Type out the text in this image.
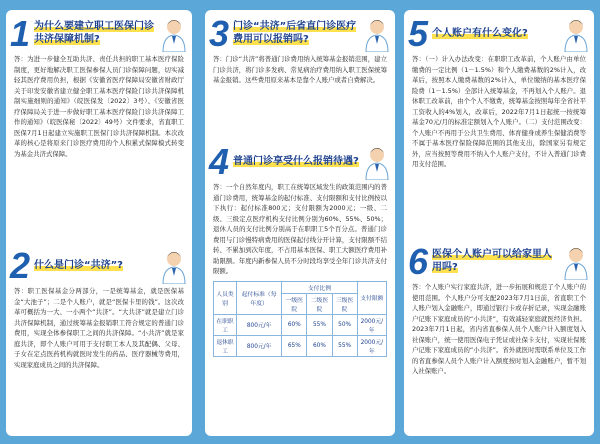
1 为什么要建立职工医保门诊共济保障机制?
答：为进一步健全互助共济、责任共担的职工基本医疗保险制度，更好地解决职工医保参保人员门诊保障问题，切实减轻其医疗费用负担，根据《安徽省医疗保障局安徽省财政厅关于印发安徽省建立健全职工基本医疗保险门诊共济保障机制实施细则的通知》（皖医保发〔2022〕3号）、《安徽省医疗保障局关于进一步做好职工基本医疗保险门诊共济保障工作的通知》（皖医保秘〔2022〕49号）文件要求，省直职工医保7月1日起建立实施职工医保门诊共济保障机制。本次改革的核心是将原来门诊医疗费用的个人积累式保障模式转变为基金共济式保障。
2 什么是门诊“共济”?
答：职工医保基金分两部分，一是统筹基金，就是医保基金“大池子”；二是个人账户，就是“医保卡里的钱”。这次改革可概括为一大、一小两个“共济”。“大共济”就是建立门诊共济保障机制，通过统筹基金报销职工符合规定的普通门诊费用，实现全体参保职工之间的共济保障。“小共济”就是家庭共济，即个人账户可用于支付职工本人及其配偶、父母、子女在定点医药机构就医时发生的药品、医疗器械等费用，实现家庭成员之间的共济保障。
3 门诊“共济”后省直门诊医疗费用可以报销吗?
答：门诊“共济”将普通门诊费用纳入统筹基金报销范围，建立门诊共济，将门诊多发病、常见病治疗费用纳入职工医保统筹基金报销。这些费用原来基本是靠个人账户或者自费解决。
4 普通门诊享受什么报销待遇?
答：一个自然年度内，职工在统筹区域发生的政策范围内的普通门诊费用，统筹基金的起付标准、支付限额和支付比例按以下执行：起付标准800元；支付限额为2000元；一级、二级、三级定点医疗机构支付比例分别为60%、55%、50%；退休人员的支付比例分别高于在职职工5个百分点。普通门诊费用与门诊慢特病费用的医保起付线分开计算，支付限额不结转、不累加到次年度，不占用基本医保、职工大额医疗费用补助限额。年度内新参保人员不分时段均享受全年门诊共济支付限额。
人员类别	起付标准（每年度）	支付比例			支付限额
		一级医院	二级医院	三级医院	
在职职工	800元/年	60%	55%	50%	2000元/年
退休职工	800元/年	65%	60%	55%	2000元/年
5 个人账户有什么变化?
答：（一）计入办法改变：在职职工改革前，个人账户由单位缴费的一定比例（1－1.5%）和个人缴费基数的2%计入，改革后，按照本人缴费基数的2%计入，单位缴纳的基本医疗保险费（1－1.5%）全部计入统筹基金，不再划入个人账户。退休职工改革前，由个个人不缴费，统筹基金按照每年全省社平工资收入的4%划入，改革后，2022年7月1日起统一按统筹基金70元/月的标准定额划入个人账户。（二）支付范围改变：个人账户不再用于公共卫生费用、体育健身或养生保健消费等不属于基本医疗保险保障范围的其他支出，除国家另有规定外，应当按照等费用不纳入个人账户支付，不计入普通门诊费用支付范围。
6 医保个人账户可以给家里人用吗?
答：个人账户实行家庭共济，进一步拓展和规范了个人账户的使用范围。个人账户分可支配2023年7月1日前，省直职工个人账户划入金融账户，即通过银行卡或存折记录，实现金融账户记账下家庭成员的“小共济”，有效减轻家庭就医经济负担。2023年7月1日起，省内省直参保人员个人账户计入额度划入社保账户，统一使用医保电子凭证或社保卡支付，实现社保账户记账下家庭成员的“小共济”。省外就医时需联系单位及工作的省直参保人员个人账户计入额度按时划入金融账户，暂不划入社保账户。
